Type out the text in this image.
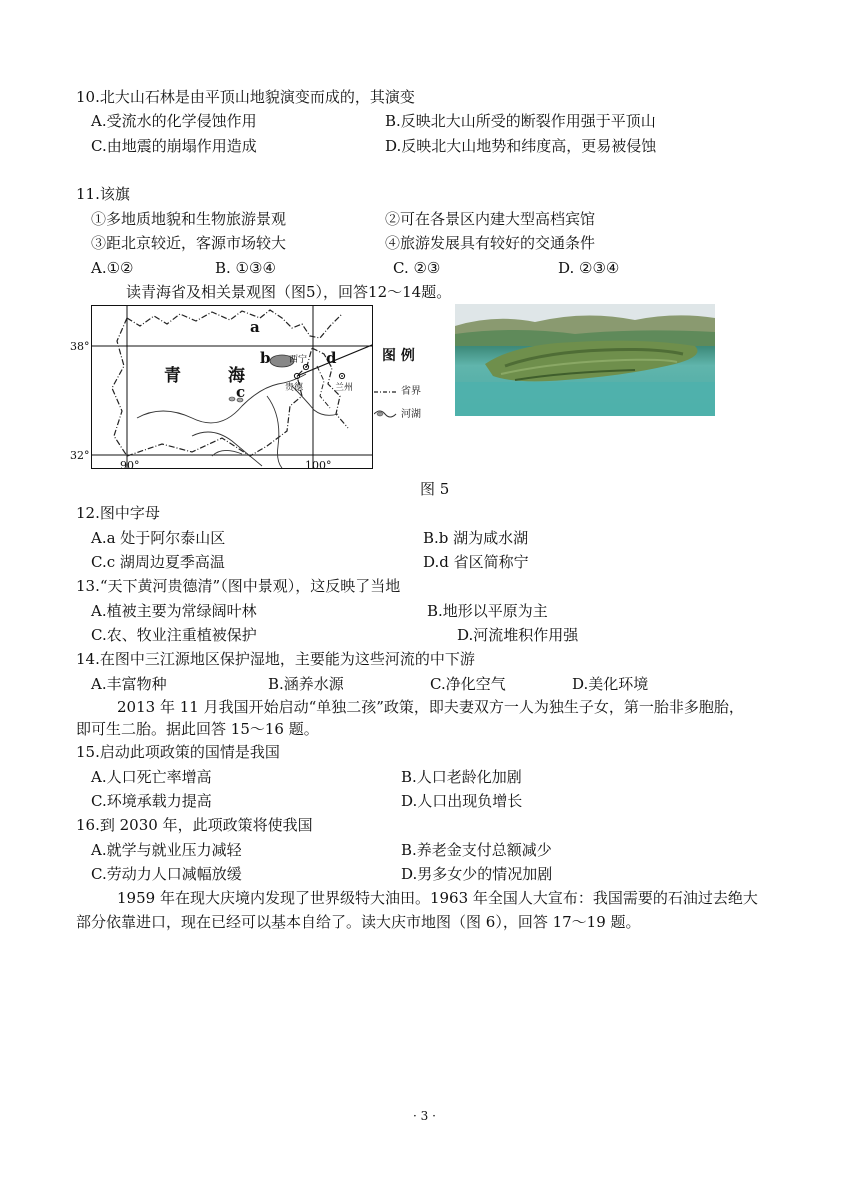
10.北大山石林是由平顶山地貌演变而成的，其演变
A.受流水的化学侵蚀作用	B.反映北大山所受的断裂作用强于平顶山
C.由地震的崩塌作用造成	D.反映北大山地势和纬度高，更易被侵蚀
11.该旗
①多地质地貌和生物旅游景观	②可在各景区内建大型高档宾馆
③距北京较近，客源市场较大	④旅游发展具有较好的交通条件
A.①②	B. ①③④	C. ②③	D. ②③④
读青海省及相关景观图（图5），回答12～14题。
38°
32°
90°	100°
青	海
a
b
c
d
西宁
贵德	兰州
图 例
省界
河湖
图 5
12.图中字母
A.a 处于阿尔泰山区	B.b 湖为咸水湖
C.c 湖周边夏季高温	D.d 省区简称宁
13.“天下黄河贵德清”（图中景观），这反映了当地
A.植被主要为常绿阔叶林	B.地形以平原为主
C.农、牧业注重植被保护	D.河流堆积作用强
14.在图中三江源地区保护湿地，主要能为这些河流的中下游
A.丰富物种	B.涵养水源	C.净化空气	D.美化环境
2013 年 11 月我国开始启动“单独二孩”政策，即夫妻双方一人为独生子女，第一胎非多胞胎，
即可生二胎。据此回答 15～16 题。
15.启动此项政策的国情是我国
A.人口死亡率增高	B.人口老龄化加剧
C.环境承载力提高	D.人口出现负增长
16.到 2030 年，此项政策将使我国
A.就学与就业压力减轻	B.养老金支付总额减少
C.劳动力人口减幅放缓	D.男多女少的情况加剧
1959 年在现大庆境内发现了世界级特大油田。1963 年全国人大宣布：我国需要的石油过去绝大
部分依靠进口，现在已经可以基本自给了。读大庆市地图（图 6），回答 17～19 题。
· 3 ·
